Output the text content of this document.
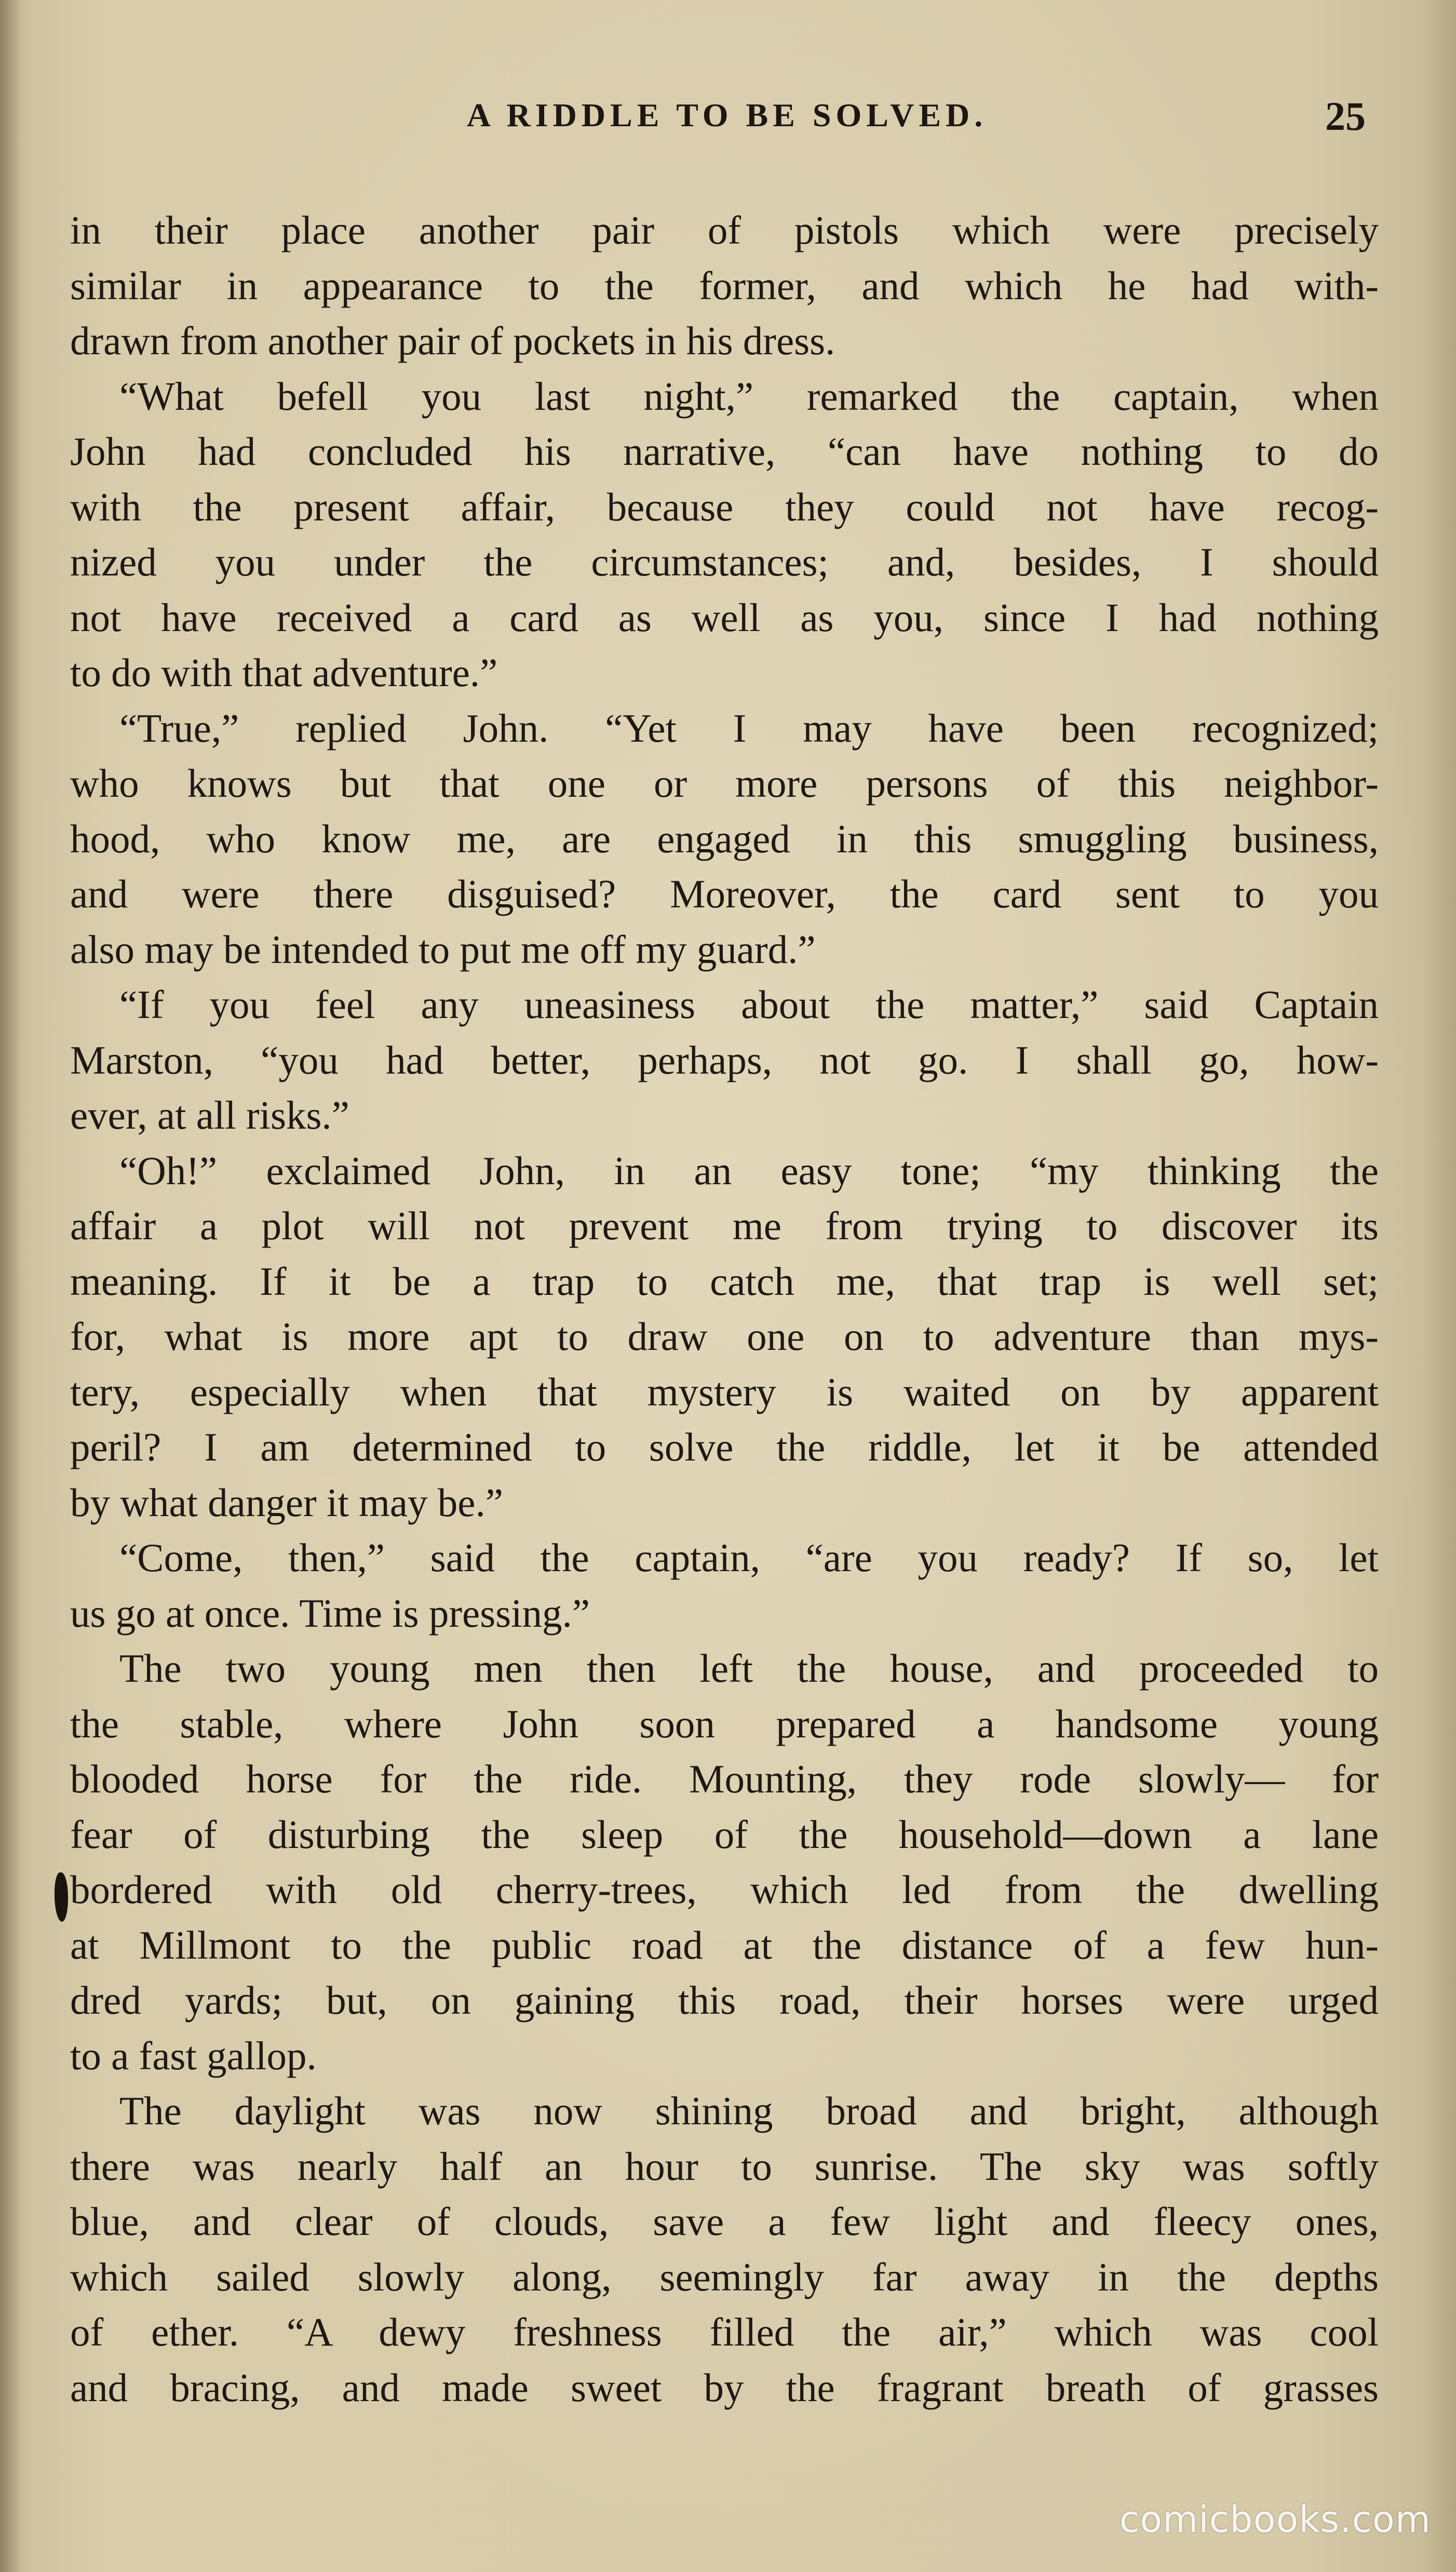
A RIDDLE TO BE SOLVED.	25
in their place another pair of pistols which were precisely
similar in appearance to the former, and which he had with-
drawn from another pair of pockets in his dress.
“What befell you last night,” remarked the captain, when
John had concluded his narrative, “can have nothing to do
with the present affair, because they could not have recog-
nized you under the circumstances; and, besides, I should
not have received a card as well as you, since I had nothing
to do with that adventure.”
“True,” replied John. “Yet I may have been recognized;
who knows but that one or more persons of this neighbor-
hood, who know me, are engaged in this smuggling business,
and were there disguised? Moreover, the card sent to you
also may be intended to put me off my guard.”
“If you feel any uneasiness about the matter,” said Captain
Marston, “you had better, perhaps, not go. I shall go, how-
ever, at all risks.”
“Oh!” exclaimed John, in an easy tone; “my thinking the
affair a plot will not prevent me from trying to discover its
meaning. If it be a trap to catch me, that trap is well set;
for, what is more apt to draw one on to adventure than mys-
tery, especially when that mystery is waited on by apparent
peril? I am determined to solve the riddle, let it be attended
by what danger it may be.”
“Come, then,” said the captain, “are you ready? If so, let
us go at once. Time is pressing.”
The two young men then left the house, and proceeded to
the stable, where John soon prepared a handsome young
blooded horse for the ride. Mounting, they rode slowly— for
fear of disturbing the sleep of the household—down a lane
bordered with old cherry-trees, which led from the dwelling
at Millmont to the public road at the distance of a few hun-
dred yards; but, on gaining this road, their horses were urged
to a fast gallop.
The daylight was now shining broad and bright, although
there was nearly half an hour to sunrise. The sky was softly
blue, and clear of clouds, save a few light and fleecy ones,
which sailed slowly along, seemingly far away in the depths
of ether. “A dewy freshness filled the air,” which was cool
and bracing, and made sweet by the fragrant breath of grasses
comicbooks.com
